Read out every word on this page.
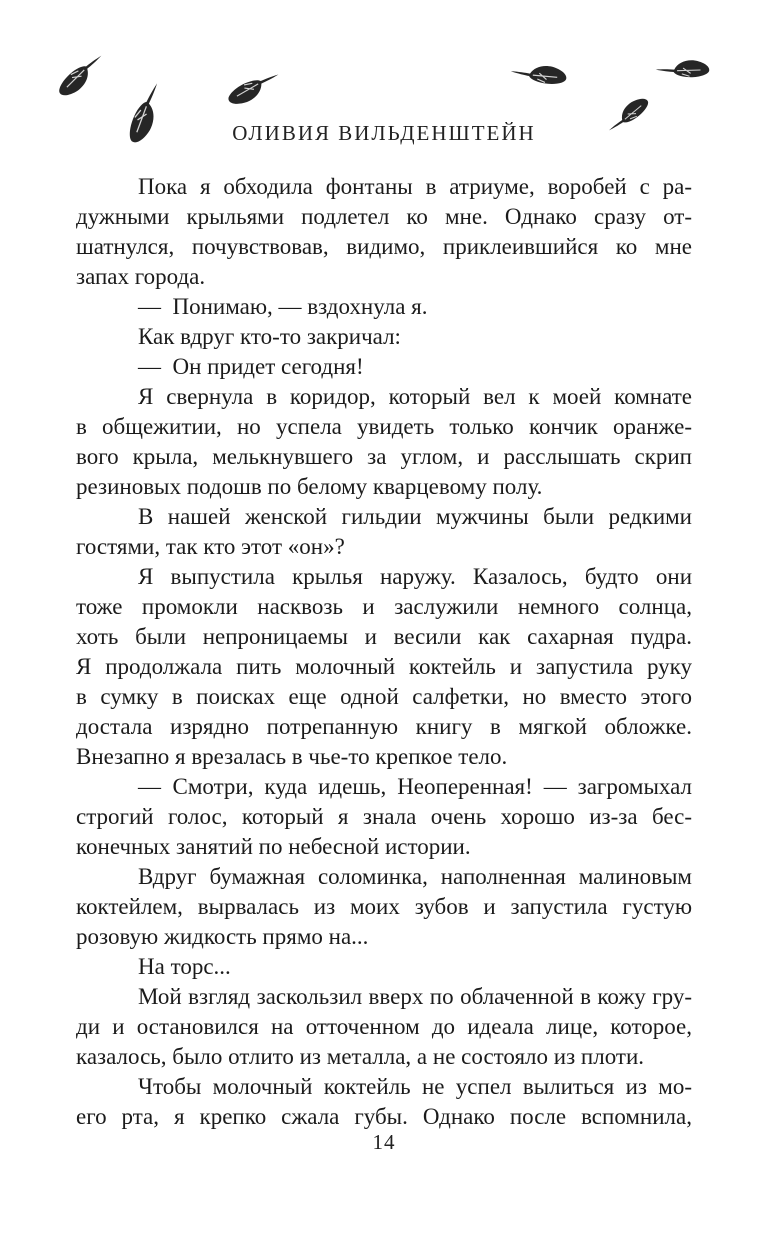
ОЛИВИЯ ВИЛЬДЕНШТЕЙН
Пока я обходила фонтаны в атриуме, воробей с ра-
дужными крыльями подлетел ко мне. Однако сразу от-
шатнулся, почувствовав, видимо, приклеившийся ко мне
запах города.
— Понимаю, — вздохнула я.
Как вдруг кто-то закричал:
— Он придет сегодня!
Я свернула в коридор, который вел к моей комнате
в общежитии, но успела увидеть только кончик оранже-
вого крыла, мелькнувшего за углом, и расслышать скрип
резиновых подошв по белому кварцевому полу.
В нашей женской гильдии мужчины были редкими
гостями, так кто этот «он»?
Я выпустила крылья наружу. Казалось, будто они
тоже промокли насквозь и заслужили немного солнца,
хоть были непроницаемы и весили как сахарная пудра.
Я продолжала пить молочный коктейль и запустила руку
в сумку в поисках еще одной салфетки, но вместо этого
достала изрядно потрепанную книгу в мягкой обложке.
Внезапно я врезалась в чье-то крепкое тело.
— Смотри, куда идешь, Неоперенная! — загромыхал
строгий голос, который я знала очень хорошо из-за бес-
конечных занятий по небесной истории.
Вдруг бумажная соломинка, наполненная малиновым
коктейлем, вырвалась из моих зубов и запустила густую
розовую жидкость прямо на...
На торс...
Мой взгляд заскользил вверх по облаченной в кожу гру-
ди и остановился на отточенном до идеала лице, которое,
казалось, было отлито из металла, а не состояло из плоти.
Чтобы молочный коктейль не успел вылиться из мо-
его рта, я крепко сжала губы. Однако после вспомнила,
14
